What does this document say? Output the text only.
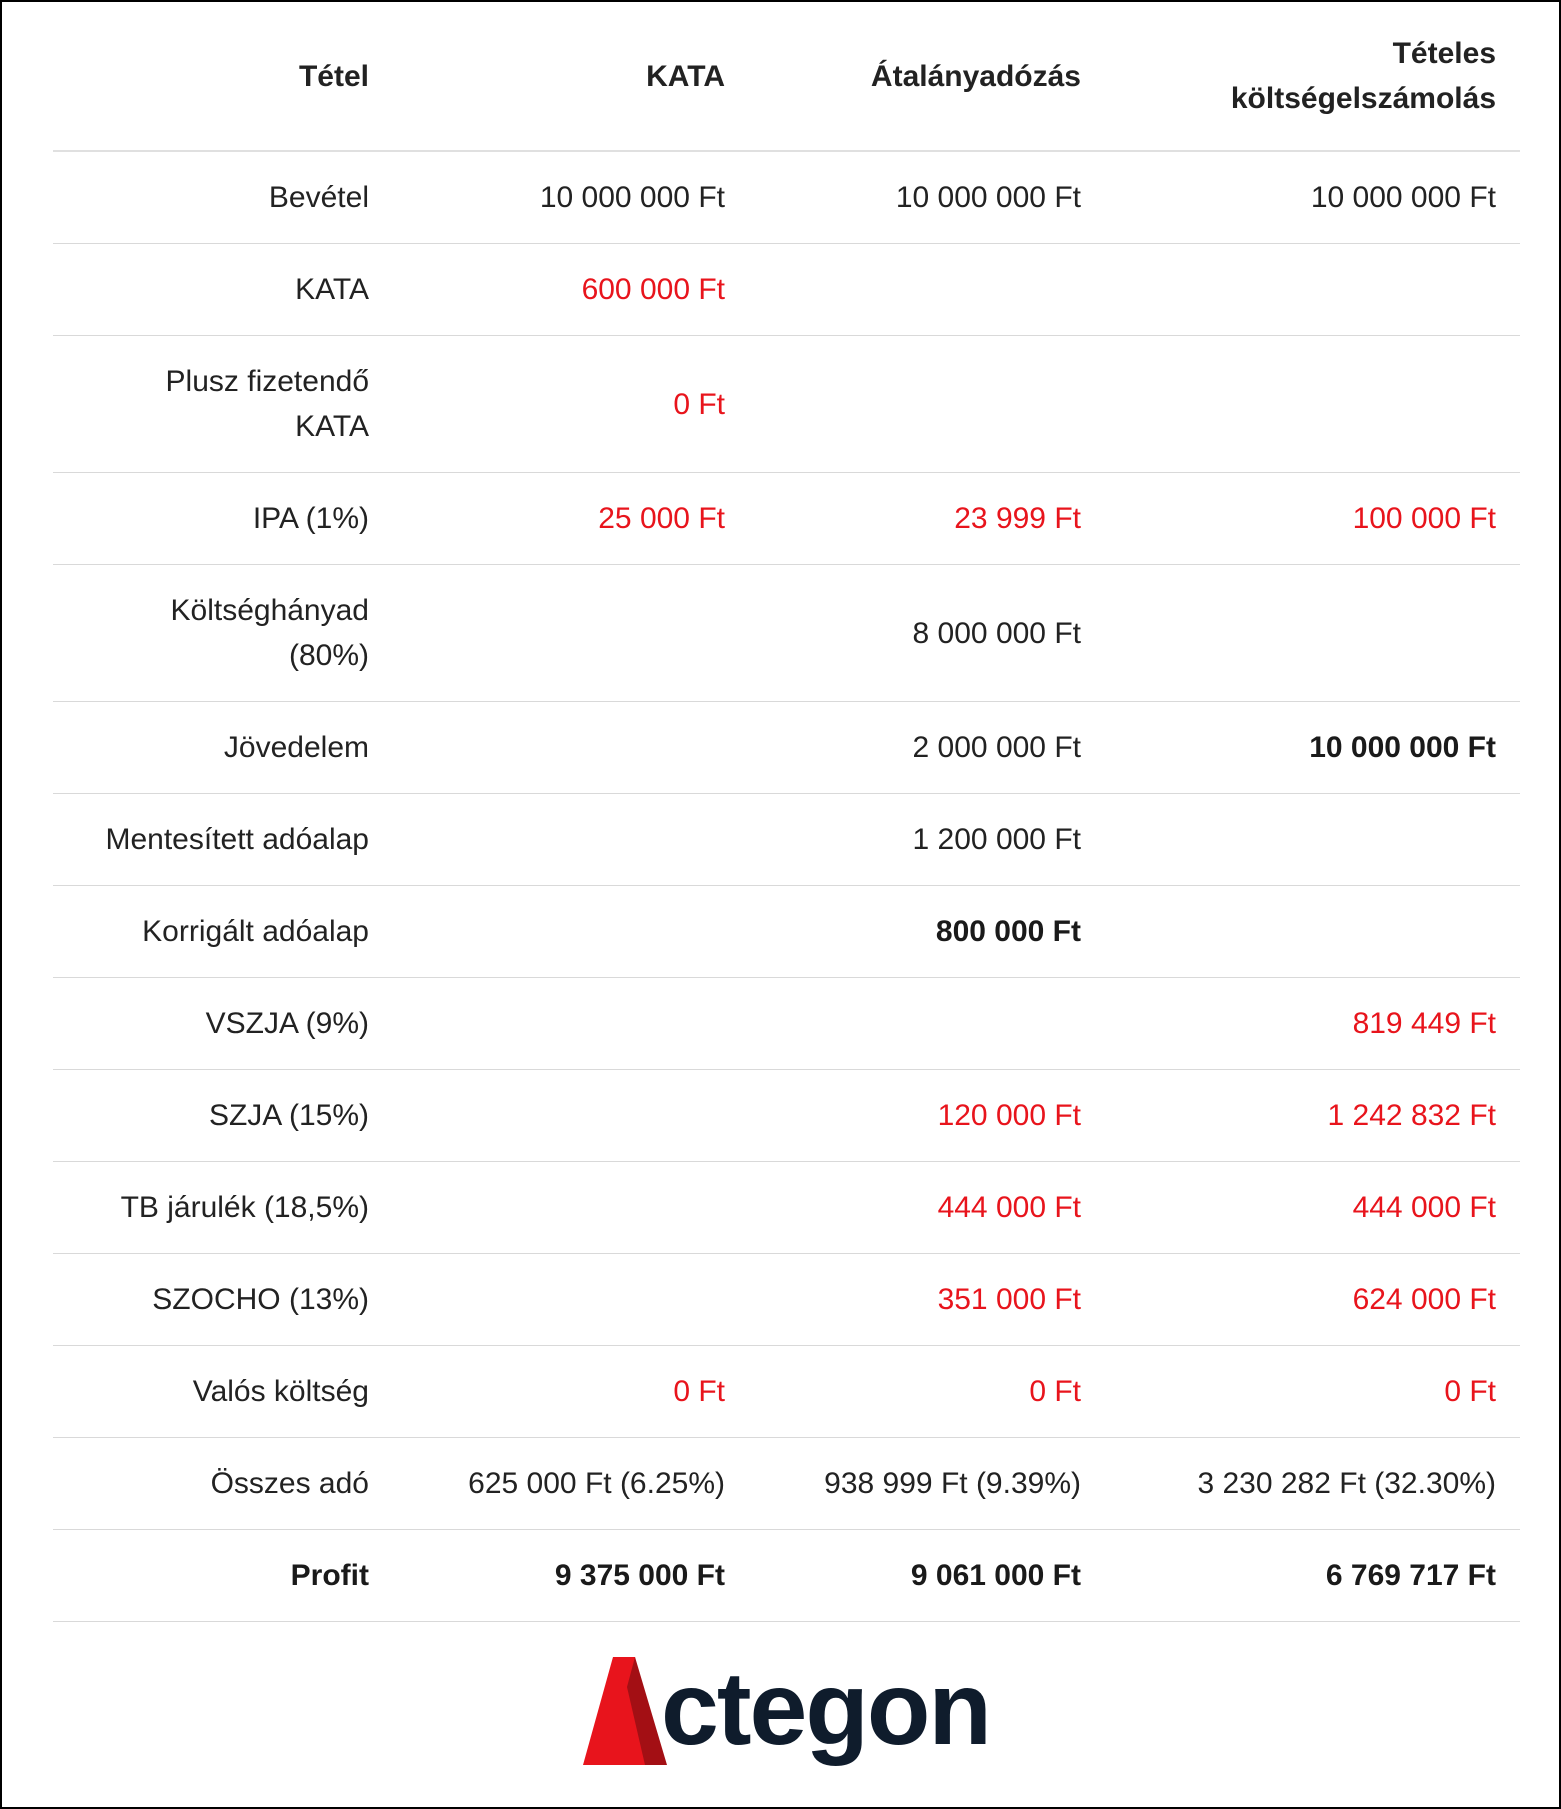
Tétel	KATA	Átalányadózás	Tételes költségelszámolás
Bevétel	10 000 000 Ft	10 000 000 Ft	10 000 000 Ft
KATA	600 000 Ft		
Plusz fizetendő KATA	0 Ft		
IPA (1%)	25 000 Ft	23 999 Ft	100 000 Ft
Költséghányad (80%)		8 000 000 Ft	
Jövedelem		2 000 000 Ft	10 000 000 Ft
Mentesített adóalap		1 200 000 Ft	
Korrigált adóalap		800 000 Ft	
VSZJA (9%)			819 449 Ft
SZJA (15%)		120 000 Ft	1 242 832 Ft
TB járulék (18,5%)		444 000 Ft	444 000 Ft
SZOCHO (13%)		351 000 Ft	624 000 Ft
Valós költség	0 Ft	0 Ft	0 Ft
Összes adó	625 000 Ft (6.25%)	938 999 Ft (9.39%)	3 230 282 Ft (32.30%)
Profit	9 375 000 Ft	9 061 000 Ft	6 769 717 Ft
ctegon
